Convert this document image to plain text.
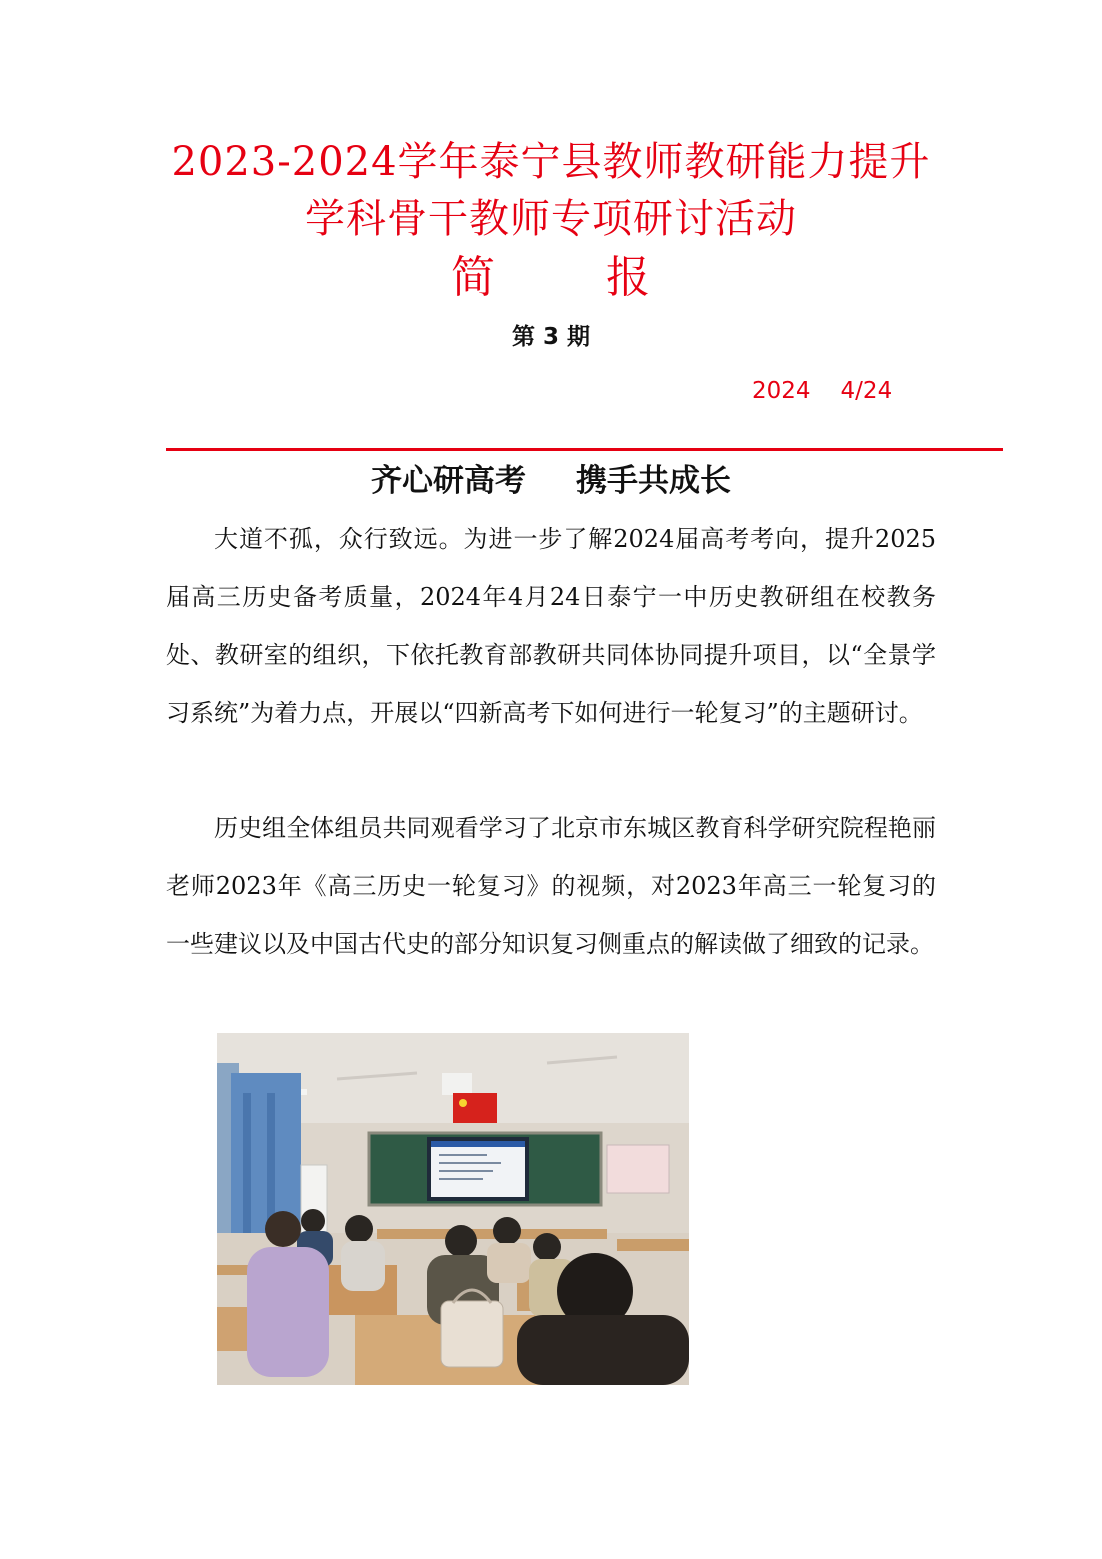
2023-2024学年泰宁县教师教研能力提升
学科骨干教师专项研讨活动
简	报
第 3 期
2024 4/24
齐心研高考 携手共成长

大道不孤，众行致远。为进一步了解2024届高考考向，提升2025届高三历史备考质量，2024年4月24日泰宁一中历史教研组在校教务处、教研室的组织，下依托教育部教研共同体协同提升项目，以“全景学习系统”为着力点，开展以“四新高考下如何进行一轮复习”的主题研讨。

历史组全体组员共同观看学习了北京市东城区教育科学研究院程艳丽老师2023年《高三历史一轮复习》的视频，对2023年高三一轮复习的一些建议以及中国古代史的部分知识复习侧重点的解读做了细致的记录。
